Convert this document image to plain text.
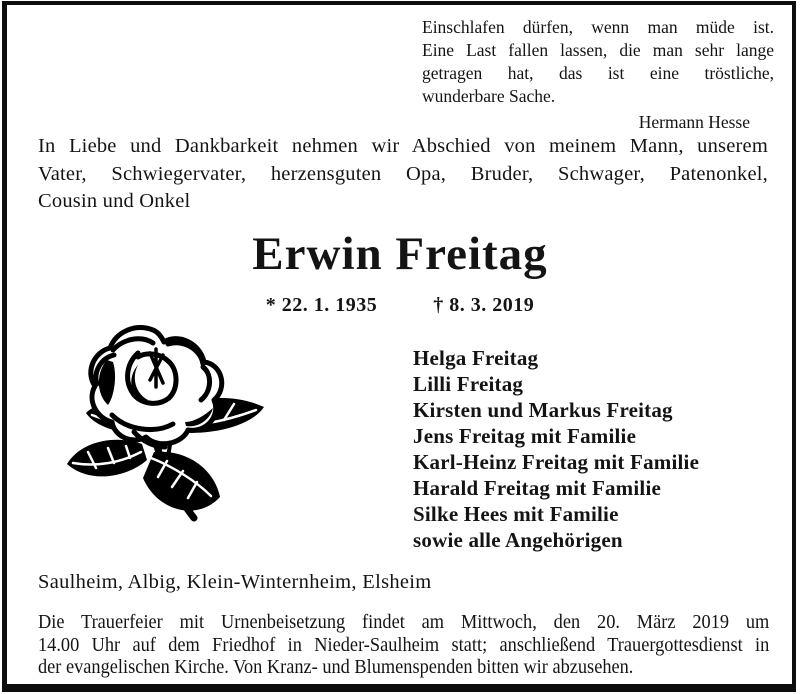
Einschlafen dürfen, wenn man müde ist.
Eine Last fallen lassen, die man sehr lange
getragen hat, das ist eine tröstliche,
wunderbare Sache.
Hermann Hesse
In Liebe und Dankbarkeit nehmen wir Abschied von meinem Mann, unserem
Vater, Schwiegervater, herzensguten Opa, Bruder, Schwager, Patenonkel,
Cousin und Onkel
Erwin Freitag
* 22. 1. 1935	† 8. 3. 2019
Helga Freitag
Lilli Freitag
Kirsten und Markus Freitag
Jens Freitag mit Familie
Karl-Heinz Freitag mit Familie
Harald Freitag mit Familie
Silke Hees mit Familie
sowie alle Angehörigen
Saulheim, Albig, Klein-Winternheim, Elsheim
Die Trauerfeier mit Urnenbeisetzung findet am Mittwoch, den 20. März 2019 um
14.00 Uhr auf dem Friedhof in Nieder-Saulheim statt; anschließend Trauergottesdienst in
der evangelischen Kirche. Von Kranz- und Blumenspenden bitten wir abzusehen.
